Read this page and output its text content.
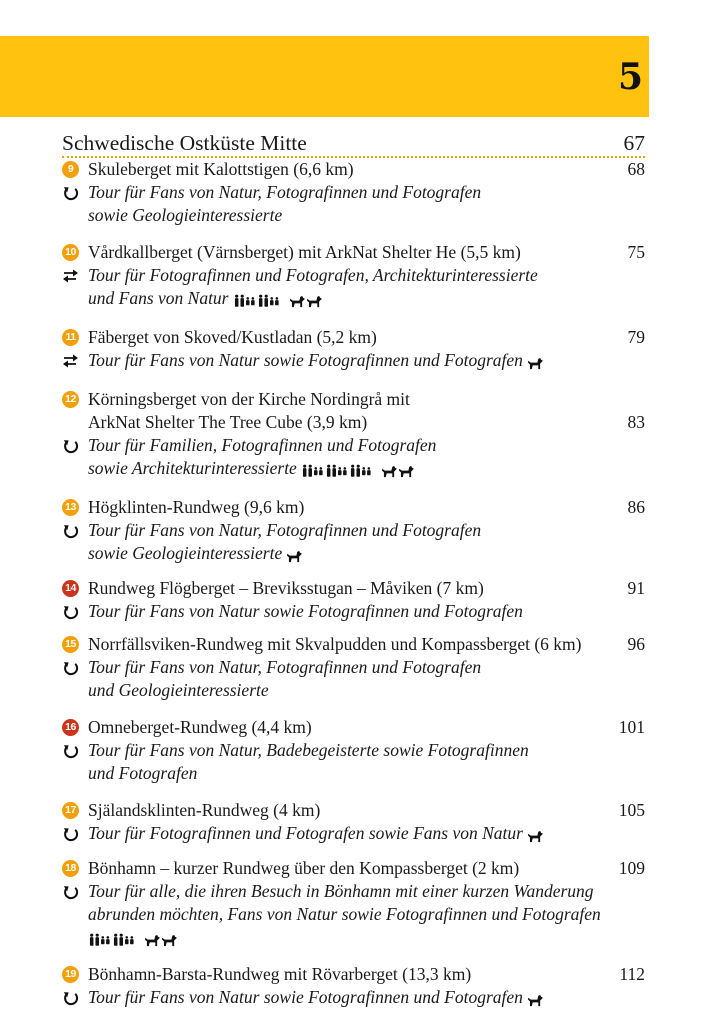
5
Schwedische Ostküste Mitte	67
9 Skuleberget mit Kalottstigen (6,6 km)	68
Tour für Fans von Natur, Fotografinnen und Fotografen
sowie Geologieinteressierte
10 Vårdkallberget (Värnsberget) mit ArkNat Shelter He (5,5 km)	75
Tour für Fotografinnen und Fotografen, Architekturinteressierte
und Fans von Natur
11 Fäberget von Skoved/Kustladan (5,2 km)	79
Tour für Fans von Natur sowie Fotografinnen und Fotografen
12 Körningsberget von der Kirche Nordingrå mit
ArkNat Shelter The Tree Cube (3,9 km)	83
Tour für Familien, Fotografinnen und Fotografen
sowie Architekturinteressierte
13 Högklinten-Rundweg (9,6 km)	86
Tour für Fans von Natur, Fotografinnen und Fotografen
sowie Geologieinteressierte
14 Rundweg Flögberget – Breviksstugan – Måviken (7 km)	91
Tour für Fans von Natur sowie Fotografinnen und Fotografen
15 Norrfällsviken-Rundweg mit Skvalpudden und Kompassberget (6 km)	96
Tour für Fans von Natur, Fotografinnen und Fotografen
und Geologieinteressierte
16 Omneberget-Rundweg (4,4 km)	101
Tour für Fans von Natur, Badebegeisterte sowie Fotografinnen
und Fotografen
17 Själandsklinten-Rundweg (4 km)	105
Tour für Fotografinnen und Fotografen sowie Fans von Natur
18 Bönhamn – kurzer Rundweg über den Kompassberget (2 km)	109
Tour für alle, die ihren Besuch in Bönhamn mit einer kurzen Wanderung
abrunden möchten, Fans von Natur sowie Fotografinnen und Fotografen
19 Bönhamn-Barsta-Rundweg mit Rövarberget (13,3 km)	112
Tour für Fans von Natur sowie Fotografinnen und Fotografen
